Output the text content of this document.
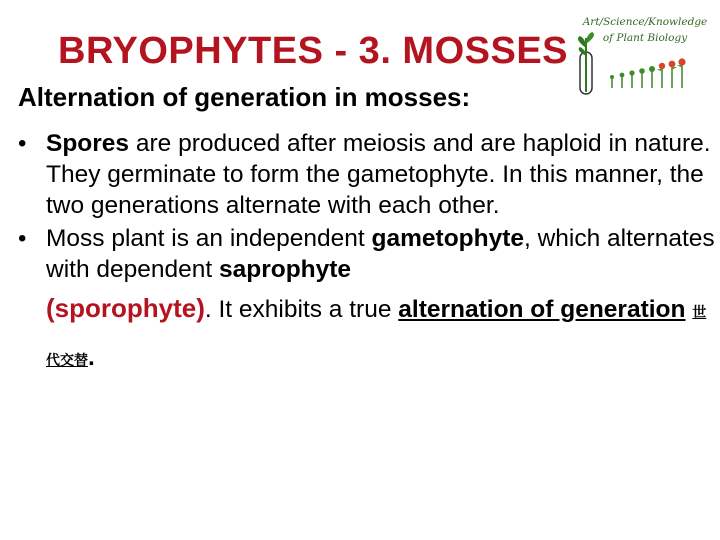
BRYOPHYTES - 3. MOSSES
Alternation of generation in mosses:
Art/Science/Knowledge
of Plant Biology
• Spores are produced after meiosis and are haploid in nature. They germinate to form the gametophyte. In this manner, the two generations alternate with each other.
• Moss plant is an independent gametophyte, which alternates with dependent saprophyte
(sporophyte). It exhibits a true alternation of generation 世代交替.
